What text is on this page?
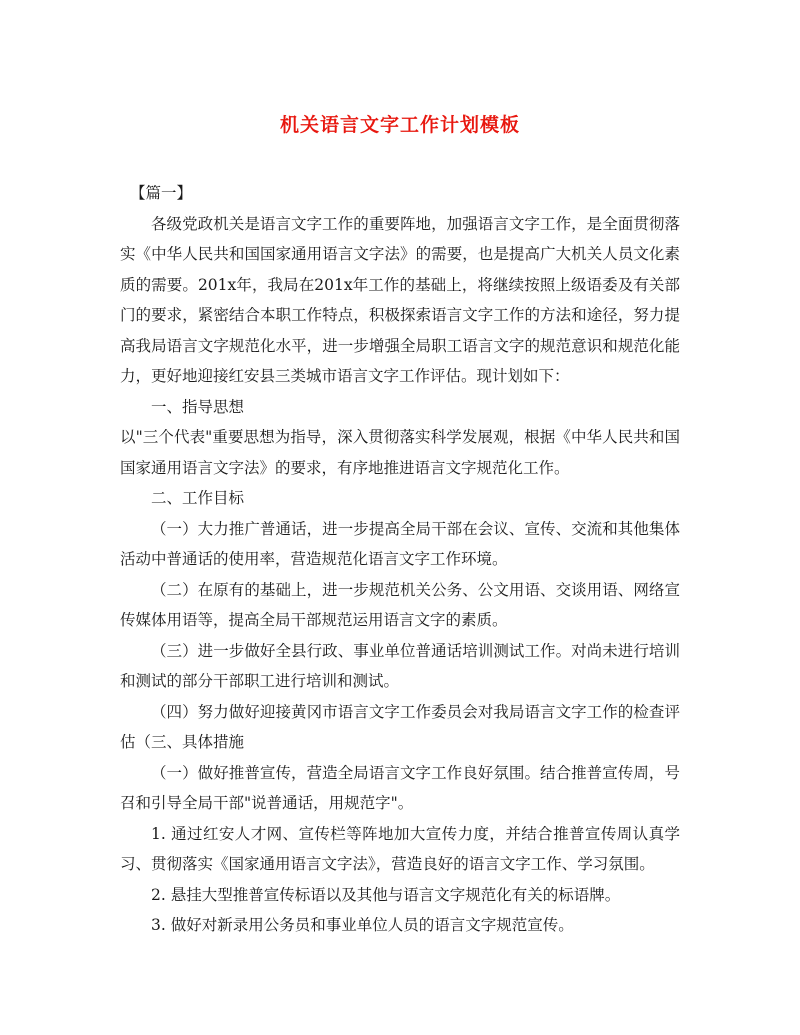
机关语言文字工作计划模板

【篇一】

各级党政机关是语言文字工作的重要阵地，加强语言文字工作，是全面贯彻落实《中华人民共和国国家通用语言文字法》的需要，也是提高广大机关人员文化素质的需要。201x年，我局在201x年工作的基础上，将继续按照上级语委及有关部门的要求，紧密结合本职工作特点，积极探索语言文字工作的方法和途径，努力提高我局语言文字规范化水平，进一步增强全局职工语言文字的规范意识和规范化能力，更好地迎接红安县三类城市语言文字工作评估。现计划如下：

一、指导思想

以"三个代表"重要思想为指导，深入贯彻落实科学发展观，根据《中华人民共和国国家通用语言文字法》的要求，有序地推进语言文字规范化工作。

二、工作目标

（一）大力推广普通话，进一步提高全局干部在会议、宣传、交流和其他集体活动中普通话的使用率，营造规范化语言文字工作环境。

（二）在原有的基础上，进一步规范机关公务、公文用语、交谈用语、网络宣传媒体用语等，提高全局干部规范运用语言文字的素质。

（三）进一步做好全县行政、事业单位普通话培训测试工作。对尚未进行培训和测试的部分干部职工进行培训和测试。

（四）努力做好迎接黄冈市语言文字工作委员会对我局语言文字工作的检查评估（三、具体措施

（一）做好推普宣传，营造全局语言文字工作良好氛围。结合推普宣传周，号召和引导全局干部"说普通话，用规范字"。

1. 通过红安人才网、宣传栏等阵地加大宣传力度，并结合推普宣传周认真学习、贯彻落实《国家通用语言文字法》，营造良好的语言文字工作、学习氛围。

2. 悬挂大型推普宣传标语以及其他与语言文字规范化有关的标语牌。

3. 做好对新录用公务员和事业单位人员的语言文字规范宣传。
